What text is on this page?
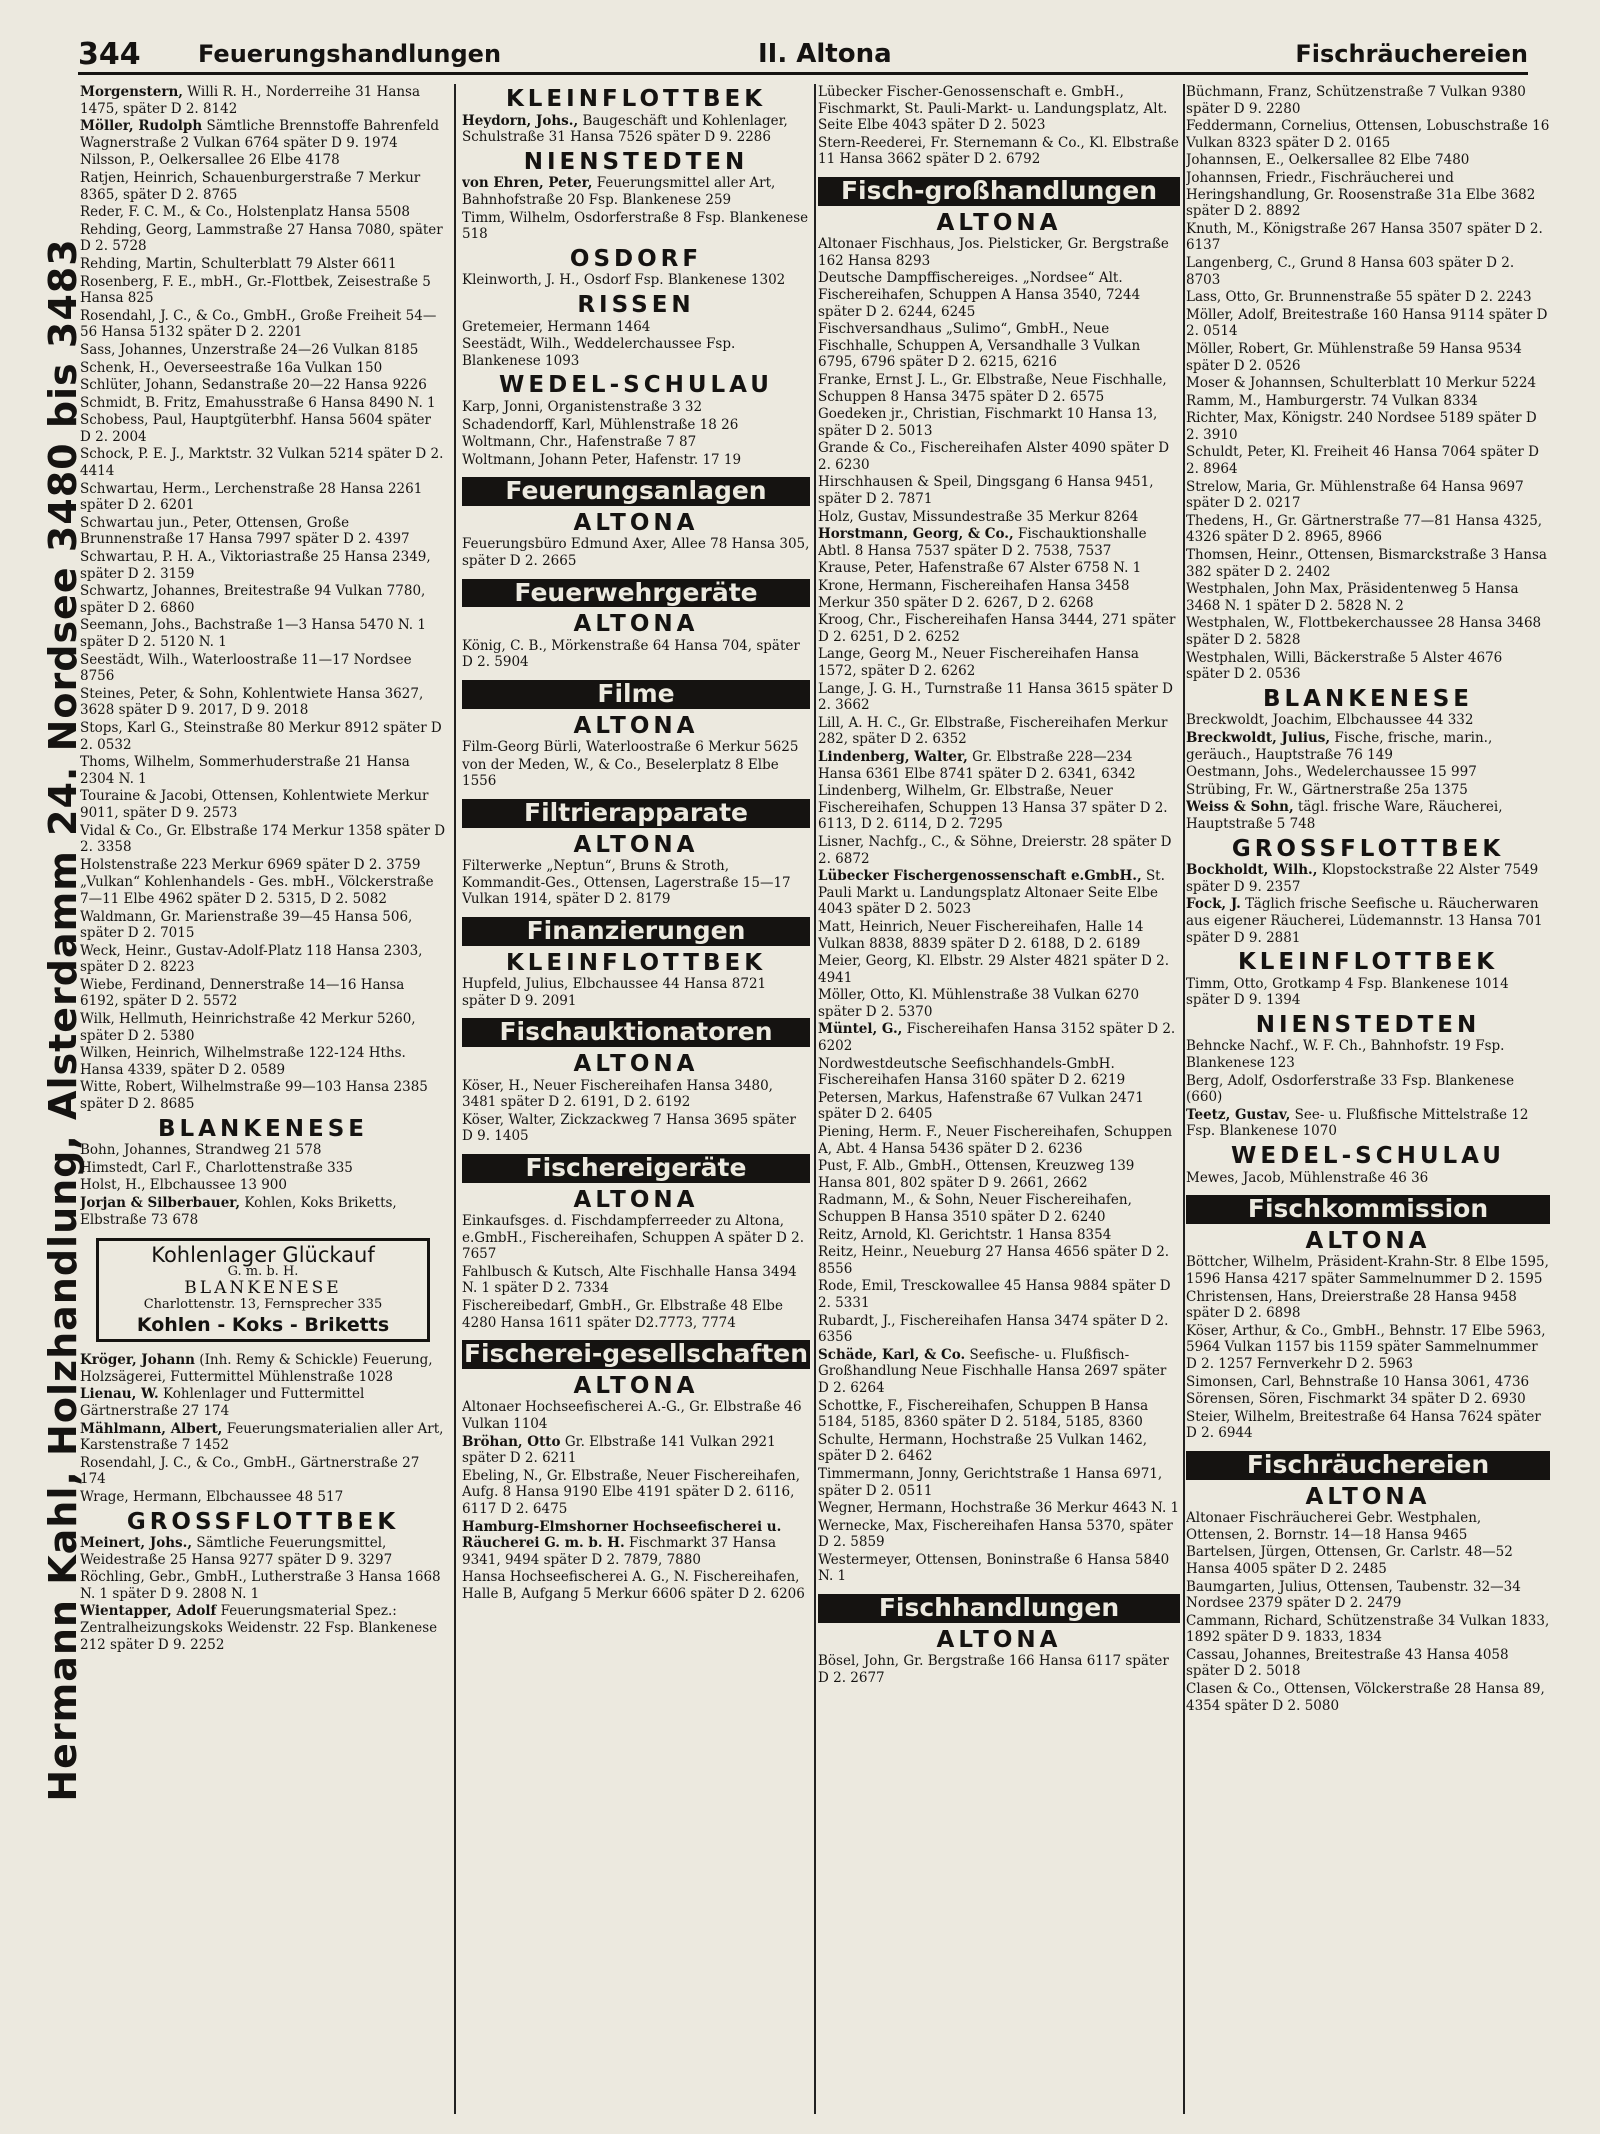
344	Feuerungshandlungen	II. Altona	Fischräuchereien
Hermann Kahl, Holzhandlung, Alsterdamm 24. Nordsee 3480 bis 3483
Morgenstern, Willi R. H., Norderreihe 31 Hansa 1475, später D 2. 8142
Möller, Rudolph Sämtliche Brennstoffe Bahrenfeld Wagnerstraße 2 Vulkan 6764 später D 9. 1974
Nilsson, P., Oelkersallee 26 Elbe 4178
Ratjen, Heinrich, Schauenburgerstraße 7 Merkur 8365, später D 2. 8765
Reder, F. C. M., & Co., Holstenplatz Hansa 5508
Rehding, Georg, Lammstraße 27 Hansa 7080, später D 2. 5728
Rehding, Martin, Schulterblatt 79 Alster 6611
Rosenberg, F. E., mbH., Gr.-Flottbek, Zeisestraße 5 Hansa 825
Rosendahl, J. C., & Co., GmbH., Große Freiheit 54—56 Hansa 5132 später D 2. 2201
Sass, Johannes, Unzerstraße 24—26 Vulkan 8185
Schenk, H., Oeverseestraße 16a Vulkan 150
Schlüter, Johann, Sedanstraße 20—22 Hansa 9226
Schmidt, B. Fritz, Emahusstraße 6 Hansa 8490 N. 1
Schobess, Paul, Hauptgüterbhf. Hansa 5604 später D 2. 2004
Schock, P. E. J., Marktstr. 32 Vulkan 5214 später D 2. 4414
Schwartau, Herm., Lerchenstraße 28 Hansa 2261 später D 2. 6201
Schwartau jun., Peter, Ottensen, Große Brunnenstraße 17 Hansa 7997 später D 2. 4397
Schwartau, P. H. A., Viktoriastraße 25 Hansa 2349, später D 2. 3159
Schwartz, Johannes, Breitestraße 94 Vulkan 7780, später D 2. 6860
Seemann, Johs., Bachstraße 1—3 Hansa 5470 N. 1 später D 2. 5120 N. 1
Seestädt, Wilh., Waterloostraße 11—17 Nordsee 8756
Steines, Peter, & Sohn, Kohlentwiete Hansa 3627, 3628 später D 9. 2017, D 9. 2018
Stops, Karl G., Steinstraße 80 Merkur 8912 später D 2. 0532
Thoms, Wilhelm, Sommerhuderstraße 21 Hansa 2304 N. 1
Touraine & Jacobi, Ottensen, Kohlentwiete Merkur 9011, später D 9. 2573
Vidal & Co., Gr. Elbstraße 174 Merkur 1358 später D 2. 3358
Holstenstraße 223 Merkur 6969 später D 2. 3759
„Vulkan“ Kohlenhandels - Ges. mbH., Völckerstraße 7—11 Elbe 4962 später D 2. 5315, D 2. 5082
Waldmann, Gr. Marienstraße 39—45 Hansa 506, später D 2. 7015
Weck, Heinr., Gustav-Adolf-Platz 118 Hansa 2303, später D 2. 8223
Wiebe, Ferdinand, Dennerstraße 14—16 Hansa 6192, später D 2. 5572
Wilk, Hellmuth, Heinrichstraße 42 Merkur 5260, später D 2. 5380
Wilken, Heinrich, Wilhelmstraße 122-124 Hths. Hansa 4339, später D 2. 0589
Witte, Robert, Wilhelmstraße 99—103 Hansa 2385 später D 2. 8685
BLANKENESE
Bohn, Johannes, Strandweg 21 578
Himstedt, Carl F., Charlottenstraße 335
Holst, H., Elbchaussee 13 900
Jorjan & Silberbauer, Kohlen, Koks Briketts, Elbstraße 73 678
Kohlenlager Glückauf
G. m. b. H.
BLANKENESE
Charlottenstr. 13, Fernsprecher 335
Kohlen - Koks - Briketts
Kröger, Johann (Inh. Remy & Schickle) Feuerung, Holzsägerei, Futtermittel Mühlenstraße 1028
Lienau, W. Kohlenlager und Futtermittel Gärtnerstraße 27 174
Mählmann, Albert, Feuerungsmaterialien aller Art, Karstenstraße 7 1452
Rosendahl, J. C., & Co., GmbH., Gärtnerstraße 27 174
Wrage, Hermann, Elbchaussee 48 517
GROSSFLOTTBEK
Meinert, Johs., Sämtliche Feuerungsmittel, Weidestraße 25 Hansa 9277 später D 9. 3297
Röchling, Gebr., GmbH., Lutherstraße 3 Hansa 1668 N. 1 später D 9. 2808 N. 1
Wientapper, Adolf Feuerungsmaterial Spez.: Zentralheizungskoks Weidenstr. 22 Fsp. Blankenese 212 später D 9. 2252
KLEINFLOTTBEK
Heydorn, Johs., Baugeschäft und Kohlenlager, Schulstraße 31 Hansa 7526 später D 9. 2286
NIENSTEDTEN
von Ehren, Peter, Feuerungsmittel aller Art, Bahnhofstraße 20 Fsp. Blankenese 259
Timm, Wilhelm, Osdorferstraße 8 Fsp. Blankenese 518
OSDORF
Kleinworth, J. H., Osdorf Fsp. Blankenese 1302
RISSEN
Gretemeier, Hermann 1464
Seestädt, Wilh., Weddelerchaussee Fsp. Blankenese 1093
WEDEL-SCHULAU
Karp, Jonni, Organistenstraße 3 32
Schadendorff, Karl, Mühlenstraße 18 26
Woltmann, Chr., Hafenstraße 7 87
Woltmann, Johann Peter, Hafenstr. 17 19
Feuerungsanlagen
ALTONA
Feuerungsbüro Edmund Axer, Allee 78 Hansa 305, später D 2. 2665
Feuerwehrgeräte
ALTONA
König, C. B., Mörkenstraße 64 Hansa 704, später D 2. 5904
Filme
ALTONA
Film-Georg Bürli, Waterloostraße 6 Merkur 5625
von der Meden, W., & Co., Beselerplatz 8 Elbe 1556
Filtrierapparate
ALTONA
Filterwerke „Neptun“, Bruns & Stroth, Kommandit-Ges., Ottensen, Lagerstraße 15—17 Vulkan 1914, später D 2. 8179
Finanzierungen
KLEINFLOTTBEK
Hupfeld, Julius, Elbchaussee 44 Hansa 8721 später D 9. 2091
Fischauktionatoren
ALTONA
Köser, H., Neuer Fischereihafen Hansa 3480, 3481 später D 2. 6191, D 2. 6192
Köser, Walter, Zickzackweg 7 Hansa 3695 später D 9. 1405
Fischereigeräte
ALTONA
Einkaufsges. d. Fischdampferreeder zu Altona, e.GmbH., Fischereihafen, Schuppen A später D 2. 7657
Fahlbusch & Kutsch, Alte Fischhalle Hansa 3494 N. 1 später D 2. 7334
Fischereibedarf, GmbH., Gr. Elbstraße 48 Elbe 4280 Hansa 1611 später D2.7773, 7774
Fischerei-gesellschaften
ALTONA
Altonaer Hochseefischerei A.-G., Gr. Elbstraße 46 Vulkan 1104
Bröhan, Otto Gr. Elbstraße 141 Vulkan 2921 später D 2. 6211
Ebeling, N., Gr. Elbstraße, Neuer Fischereihafen, Aufg. 8 Hansa 9190 Elbe 4191 später D 2. 6116, 6117 D 2. 6475
Hamburg-Elmshorner Hochseefischerei u. Räucherei G. m. b. H. Fischmarkt 37 Hansa 9341, 9494 später D 2. 7879, 7880
Hansa Hochseefischerei A. G., N. Fischereihafen, Halle B, Aufgang 5 Merkur 6606 später D 2. 6206
Lübecker Fischer-Genossenschaft e. GmbH., Fischmarkt, St. Pauli-Markt- u. Landungsplatz, Alt. Seite Elbe 4043 später D 2. 5023
Stern-Reederei, Fr. Sternemann & Co., Kl. Elbstraße 11 Hansa 3662 später D 2. 6792
Fisch-großhandlungen
ALTONA
Altonaer Fischhaus, Jos. Pielsticker, Gr. Bergstraße 162 Hansa 8293
Deutsche Dampffischereiges. „Nordsee“ Alt. Fischereihafen, Schuppen A Hansa 3540, 7244 später D 2. 6244, 6245
Fischversandhaus „Sulimo“, GmbH., Neue Fischhalle, Schuppen A, Versandhalle 3 Vulkan 6795, 6796 später D 2. 6215, 6216
Franke, Ernst J. L., Gr. Elbstraße, Neue Fischhalle, Schuppen 8 Hansa 3475 später D 2. 6575
Goedeken jr., Christian, Fischmarkt 10 Hansa 13, später D 2. 5013
Grande & Co., Fischereihafen Alster 4090 später D 2. 6230
Hirschhausen & Speil, Dingsgang 6 Hansa 9451, später D 2. 7871
Holz, Gustav, Missundestraße 35 Merkur 8264
Horstmann, Georg, & Co., Fischauktionshalle Abtl. 8 Hansa 7537 später D 2. 7538, 7537
Krause, Peter, Hafenstraße 67 Alster 6758 N. 1
Krone, Hermann, Fischereihafen Hansa 3458 Merkur 350 später D 2. 6267, D 2. 6268
Kroog, Chr., Fischereihafen Hansa 3444, 271 später D 2. 6251, D 2. 6252
Lange, Georg M., Neuer Fischereihafen Hansa 1572, später D 2. 6262
Lange, J. G. H., Turnstraße 11 Hansa 3615 später D 2. 3662
Lill, A. H. C., Gr. Elbstraße, Fischereihafen Merkur 282, später D 2. 6352
Lindenberg, Walter, Gr. Elbstraße 228—234 Hansa 6361 Elbe 8741 später D 2. 6341, 6342
Lindenberg, Wilhelm, Gr. Elbstraße, Neuer Fischereihafen, Schuppen 13 Hansa 37 später D 2. 6113, D 2. 6114, D 2. 7295
Lisner, Nachfg., C., & Söhne, Dreierstr. 28 später D 2. 6872
Lübecker Fischergenossenschaft e.GmbH., St. Pauli Markt u. Landungsplatz Altonaer Seite Elbe 4043 später D 2. 5023
Matt, Heinrich, Neuer Fischereihafen, Halle 14 Vulkan 8838, 8839 später D 2. 6188, D 2. 6189
Meier, Georg, Kl. Elbstr. 29 Alster 4821 später D 2. 4941
Möller, Otto, Kl. Mühlenstraße 38 Vulkan 6270 später D 2. 5370
Müntel, G., Fischereihafen Hansa 3152 später D 2. 6202
Nordwestdeutsche Seefischhandels-GmbH. Fischereihafen Hansa 3160 später D 2. 6219
Petersen, Markus, Hafenstraße 67 Vulkan 2471 später D 2. 6405
Piening, Herm. F., Neuer Fischereihafen, Schuppen A, Abt. 4 Hansa 5436 später D 2. 6236
Pust, F. Alb., GmbH., Ottensen, Kreuzweg 139 Hansa 801, 802 später D 9. 2661, 2662
Radmann, M., & Sohn, Neuer Fischereihafen, Schuppen B Hansa 3510 später D 2. 6240
Reitz, Arnold, Kl. Gerichtstr. 1 Hansa 8354
Reitz, Heinr., Neueburg 27 Hansa 4656 später D 2. 8556
Rode, Emil, Tresckowallee 45 Hansa 9884 später D 2. 5331
Rubardt, J., Fischereihafen Hansa 3474 später D 2. 6356
Schäde, Karl, & Co. Seefische- u. Flußfisch-Großhandlung Neue Fischhalle Hansa 2697 später D 2. 6264
Schottke, F., Fischereihafen, Schuppen B Hansa 5184, 5185, 8360 später D 2. 5184, 5185, 8360
Schulte, Hermann, Hochstraße 25 Vulkan 1462, später D 2. 6462
Timmermann, Jonny, Gerichtstraße 1 Hansa 6971, später D 2. 0511
Wegner, Hermann, Hochstraße 36 Merkur 4643 N. 1
Wernecke, Max, Fischereihafen Hansa 5370, später D 2. 5859
Westermeyer, Ottensen, Boninstraße 6 Hansa 5840 N. 1
Fischhandlungen
ALTONA
Bösel, John, Gr. Bergstraße 166 Hansa 6117 später D 2. 2677
Büchmann, Franz, Schützenstraße 7 Vulkan 9380 später D 9. 2280
Feddermann, Cornelius, Ottensen, Lobuschstraße 16 Vulkan 8323 später D 2. 0165
Johannsen, E., Oelkersallee 82 Elbe 7480
Johannsen, Friedr., Fischräucherei und Heringshandlung, Gr. Roosenstraße 31a Elbe 3682 später D 2. 8892
Knuth, M., Königstraße 267 Hansa 3507 später D 2. 6137
Langenberg, C., Grund 8 Hansa 603 später D 2. 8703
Lass, Otto, Gr. Brunnenstraße 55 später D 2. 2243
Möller, Adolf, Breitestraße 160 Hansa 9114 später D 2. 0514
Möller, Robert, Gr. Mühlenstraße 59 Hansa 9534 später D 2. 0526
Moser & Johannsen, Schulterblatt 10 Merkur 5224
Ramm, M., Hamburgerstr. 74 Vulkan 8334
Richter, Max, Königstr. 240 Nordsee 5189 später D 2. 3910
Schuldt, Peter, Kl. Freiheit 46 Hansa 7064 später D 2. 8964
Strelow, Maria, Gr. Mühlenstraße 64 Hansa 9697 später D 2. 0217
Thedens, H., Gr. Gärtnerstraße 77—81 Hansa 4325, 4326 später D 2. 8965, 8966
Thomsen, Heinr., Ottensen, Bismarckstraße 3 Hansa 382 später D 2. 2402
Westphalen, John Max, Präsidentenweg 5 Hansa 3468 N. 1 später D 2. 5828 N. 2
Westphalen, W., Flottbekerchaussee 28 Hansa 3468 später D 2. 5828
Westphalen, Willi, Bäckerstraße 5 Alster 4676 später D 2. 0536
BLANKENESE
Breckwoldt, Joachim, Elbchaussee 44 332
Breckwoldt, Julius, Fische, frische, marin., geräuch., Hauptstraße 76 149
Oestmann, Johs., Wedelerchaussee 15 997
Strübing, Fr. W., Gärtnerstraße 25a 1375
Weiss & Sohn, tägl. frische Ware, Räucherei, Hauptstraße 5 748
GROSSFLOTTBEK
Bockholdt, Wilh., Klopstockstraße 22 Alster 7549 später D 9. 2357
Fock, J. Täglich frische Seefische u. Räucherwaren aus eigener Räucherei, Lüdemannstr. 13 Hansa 701 später D 9. 2881
KLEINFLOTTBEK
Timm, Otto, Grotkamp 4 Fsp. Blankenese 1014 später D 9. 1394
NIENSTEDTEN
Behncke Nachf., W. F. Ch., Bahnhofstr. 19 Fsp. Blankenese 123
Berg, Adolf, Osdorferstraße 33 Fsp. Blankenese (660)
Teetz, Gustav, See- u. Flußfische Mittelstraße 12 Fsp. Blankenese 1070
WEDEL-SCHULAU
Mewes, Jacob, Mühlenstraße 46 36
Fischkommission
ALTONA
Böttcher, Wilhelm, Präsident-Krahn-Str. 8 Elbe 1595, 1596 Hansa 4217 später Sammelnummer D 2. 1595
Christensen, Hans, Dreierstraße 28 Hansa 9458 später D 2. 6898
Köser, Arthur, & Co., GmbH., Behnstr. 17 Elbe 5963, 5964 Vulkan 1157 bis 1159 später Sammelnummer D 2. 1257 Fernverkehr D 2. 5963
Simonsen, Carl, Behnstraße 10 Hansa 3061, 4736
Sörensen, Sören, Fischmarkt 34 später D 2. 6930
Steier, Wilhelm, Breitestraße 64 Hansa 7624 später D 2. 6944
Fischräuchereien
ALTONA
Altonaer Fischräucherei Gebr. Westphalen, Ottensen, 2. Bornstr. 14—18 Hansa 9465
Bartelsen, Jürgen, Ottensen, Gr. Carlstr. 48—52 Hansa 4005 später D 2. 2485
Baumgarten, Julius, Ottensen, Taubenstr. 32—34 Nordsee 2379 später D 2. 2479
Cammann, Richard, Schützenstraße 34 Vulkan 1833, 1892 später D 9. 1833, 1834
Cassau, Johannes, Breitestraße 43 Hansa 4058 später D 2. 5018
Clasen & Co., Ottensen, Völckerstraße 28 Hansa 89, 4354 später D 2. 5080
